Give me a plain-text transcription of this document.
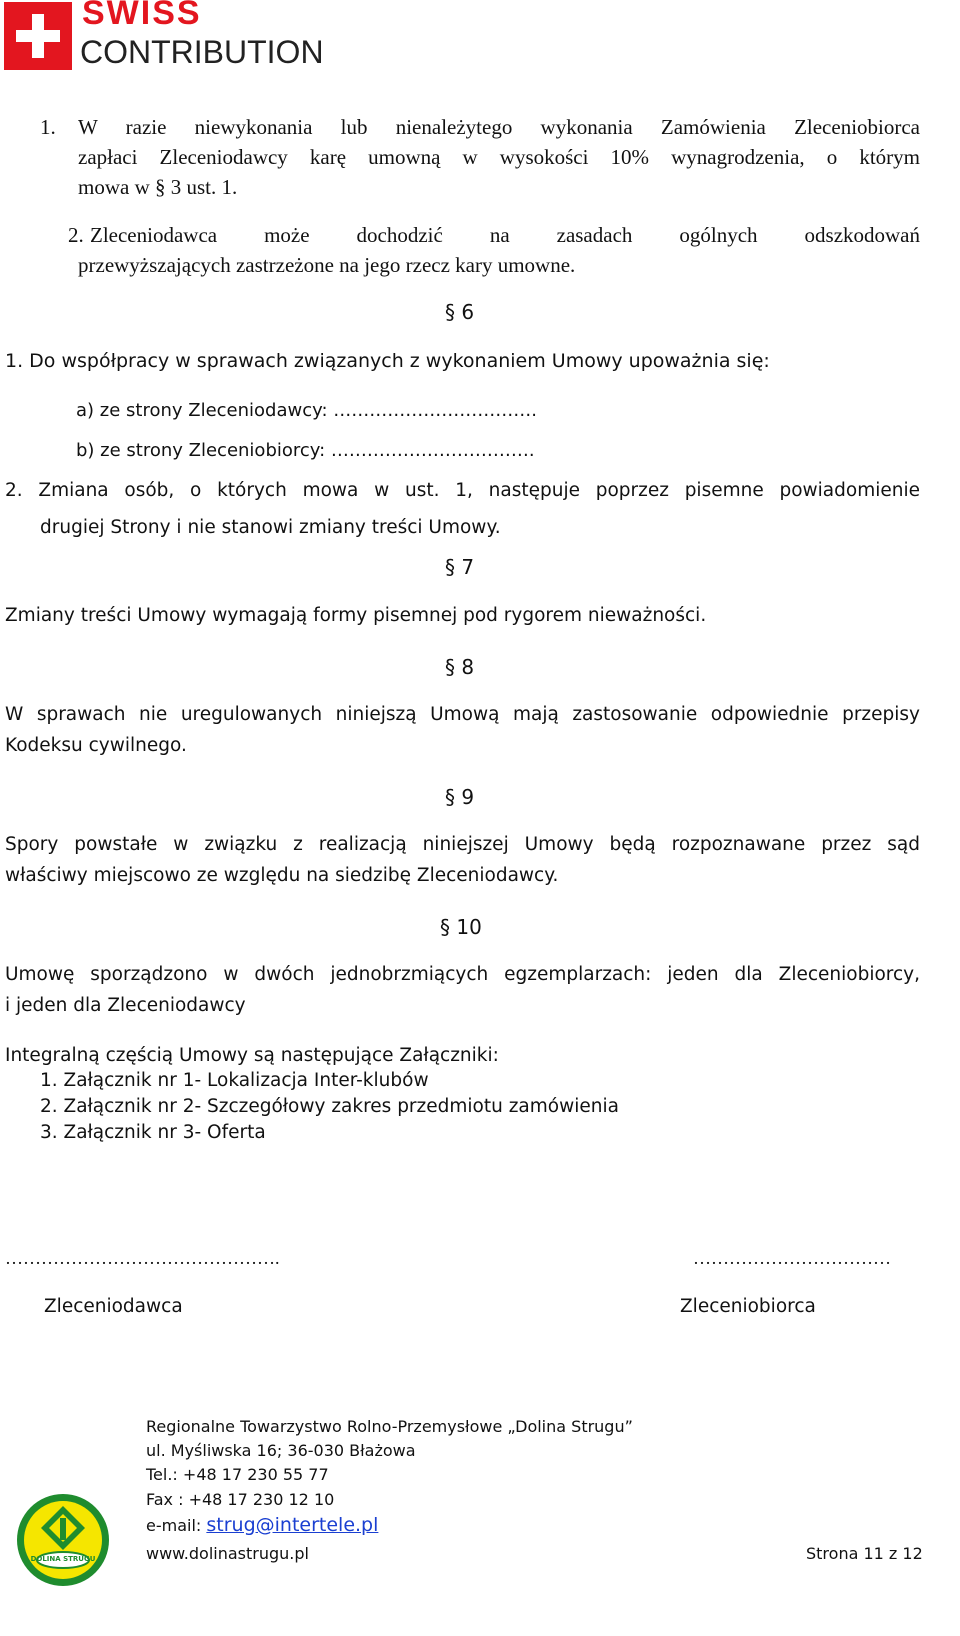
SWISS
CONTRIBUTION
1. W razie niewykonania lub nienależytego wykonania Zamówienia Zleceniobiorca
zapłaci Zleceniodawcy karę umowną w wysokości 10% wynagrodzenia, o którym
mowa w § 3 ust. 1.
2. Zleceniodawca może dochodzić na zasadach ogólnych odszkodowań
przewyższających zastrzeżone na jego rzecz kary umowne.
§ 6
1. Do współpracy w sprawach związanych z wykonaniem Umowy upoważnia się:
a) ze strony Zleceniodawcy: …………………………….
b) ze strony Zleceniobiorcy: …………………………….
2. Zmiana osób, o których mowa w ust. 1, następuje poprzez pisemne powiadomienie
drugiej Strony i nie stanowi zmiany treści Umowy.
§ 7
Zmiany treści Umowy wymagają formy pisemnej pod rygorem nieważności.
§ 8
W sprawach nie uregulowanych niniejszą Umową mają zastosowanie odpowiednie przepisy
Kodeksu cywilnego.
§ 9
Spory powstałe w związku z realizacją niniejszej Umowy będą rozpoznawane przez sąd
właściwy miejscowo ze względu na siedzibę Zleceniodawcy.
§ 10
Umowę sporządzono w dwóch jednobrzmiących egzemplarzach: jeden dla Zleceniobiorcy,
i jeden dla Zleceniodawcy
Integralną częścią Umowy są następujące Załączniki:
1. Załącznik nr 1- Lokalizacja Inter-klubów
2. Załącznik nr 2- Szczegółowy zakres przedmiotu zamówienia
3. Załącznik nr 3- Oferta
……………………………………….	……………………………
Zleceniodawca	Zleceniobiorca
DOLINA STRUGU
Regionalne Towarzystwo Rolno-Przemysłowe „Dolina Strugu”
ul. Myśliwska 16; 36-030 Błażowa
Tel.: +48 17 230 55 77
Fax : +48 17 230 12 10
e-mail: strug@intertele.pl
www.dolinastrugu.pl	Strona 11 z 12
